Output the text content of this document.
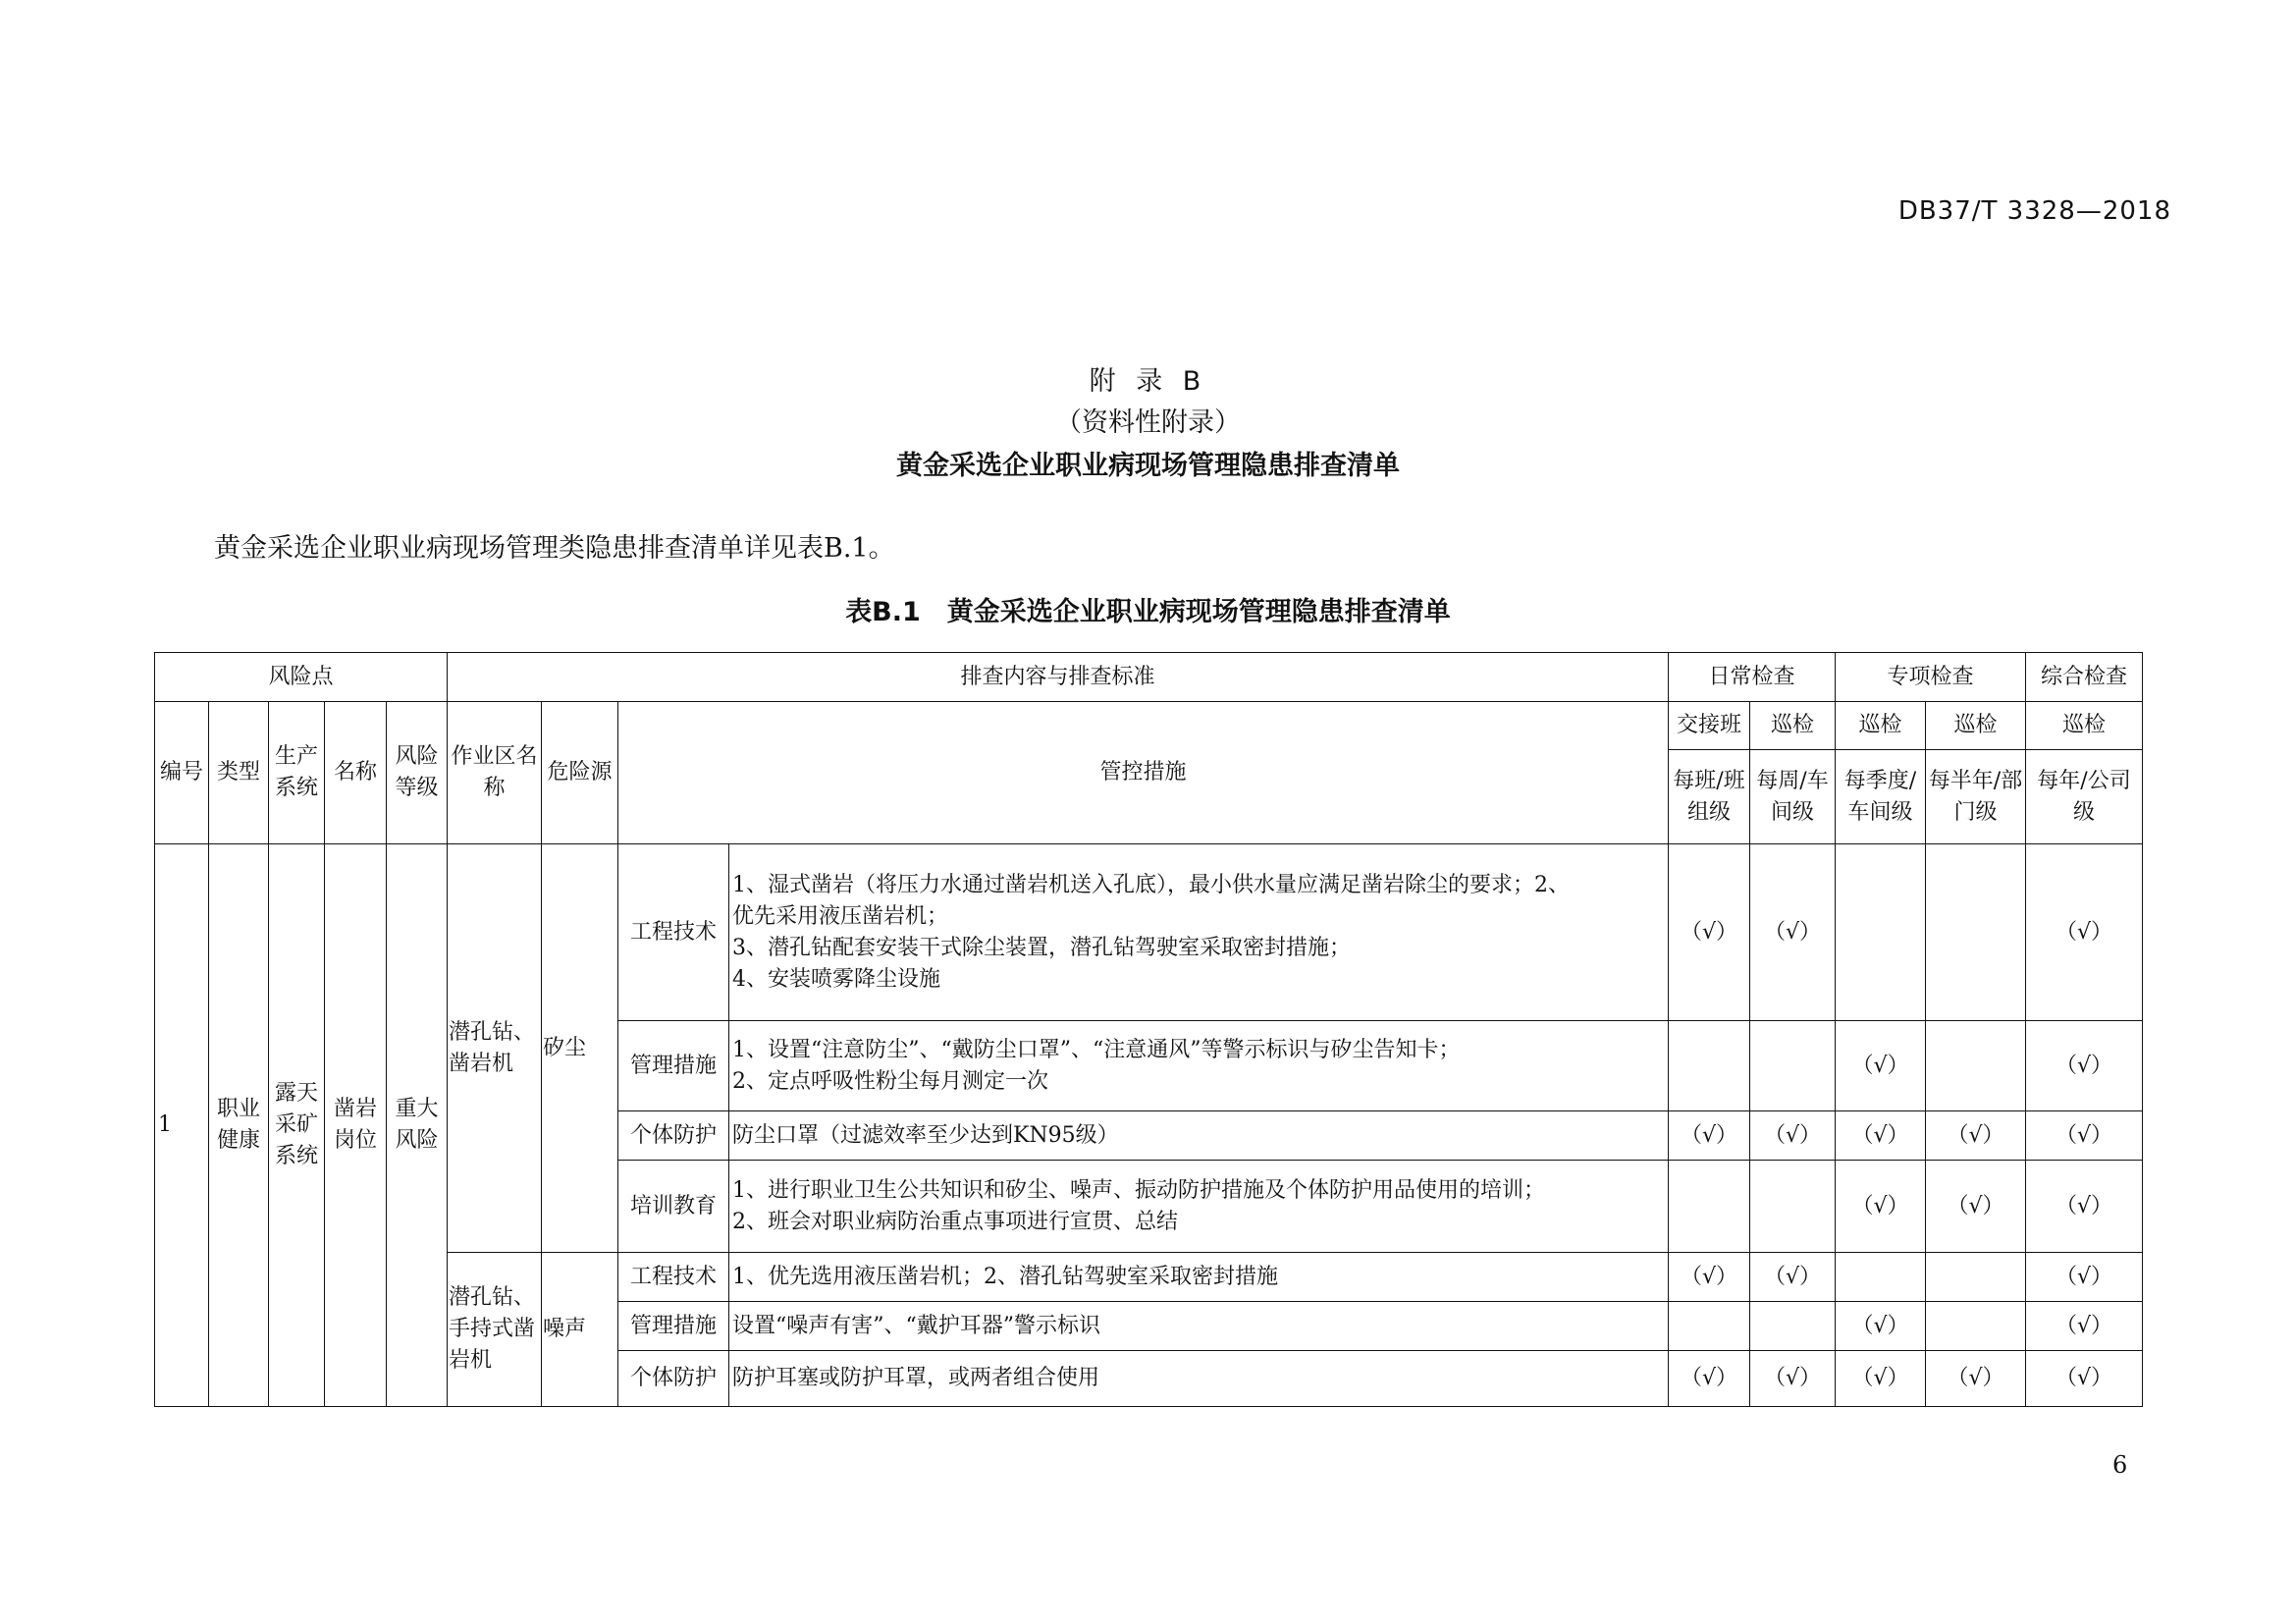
DB37/T 3328—2018
附 录 B
（资料性附录）
黄金采选企业职业病现场管理隐患排查清单
黄金采选企业职业病现场管理类隐患排查清单详见表B.1。
表B.1　黄金采选企业职业病现场管理隐患排查清单
风险点					排查内容与排查标准				日常检查		专项检查		综合检查
编号	类型	生产系统	名称	风险等级	作业区名称	危险源	管控措施		交接班	巡检	巡检	巡检	巡检
									每班/班组级	每周/车间级	每季度/车间级	每半年/部门级	每年/公司级
1	职业健康	露天采矿系统	凿岩岗位	重大风险	潜孔钻、凿岩机	矽尘	工程技术	1、湿式凿岩（将压力水通过凿岩机送入孔底），最小供水量应满足凿岩除尘的要求；2、
优先采用液压凿岩机；
3、潜孔钻配套安装干式除尘装置，潜孔钻驾驶室采取密封措施；
4、安装喷雾降尘设施	（√）	（√）			（√）
							管理措施	1、设置“注意防尘”、“戴防尘口罩”、“注意通风”等警示标识与矽尘告知卡；
2、定点呼吸性粉尘每月测定一次			（√）		（√）
							个体防护	防尘口罩（过滤效率至少达到KN95级）	（√）	（√）	（√）	（√）	（√）
							培训教育	1、进行职业卫生公共知识和矽尘、噪声、振动防护措施及个体防护用品使用的培训；
2、班会对职业病防治重点事项进行宣贯、总结			（√）	（√）	（√）
					潜孔钻、手持式凿岩机	噪声	工程技术	1、优先选用液压凿岩机；2、潜孔钻驾驶室采取密封措施	（√）	（√）			（√）
							管理措施	设置“噪声有害”、“戴护耳器”警示标识			（√）		（√）
							个体防护	防护耳塞或防护耳罩，或两者组合使用	（√）	（√）	（√）	（√）	（√）
6
